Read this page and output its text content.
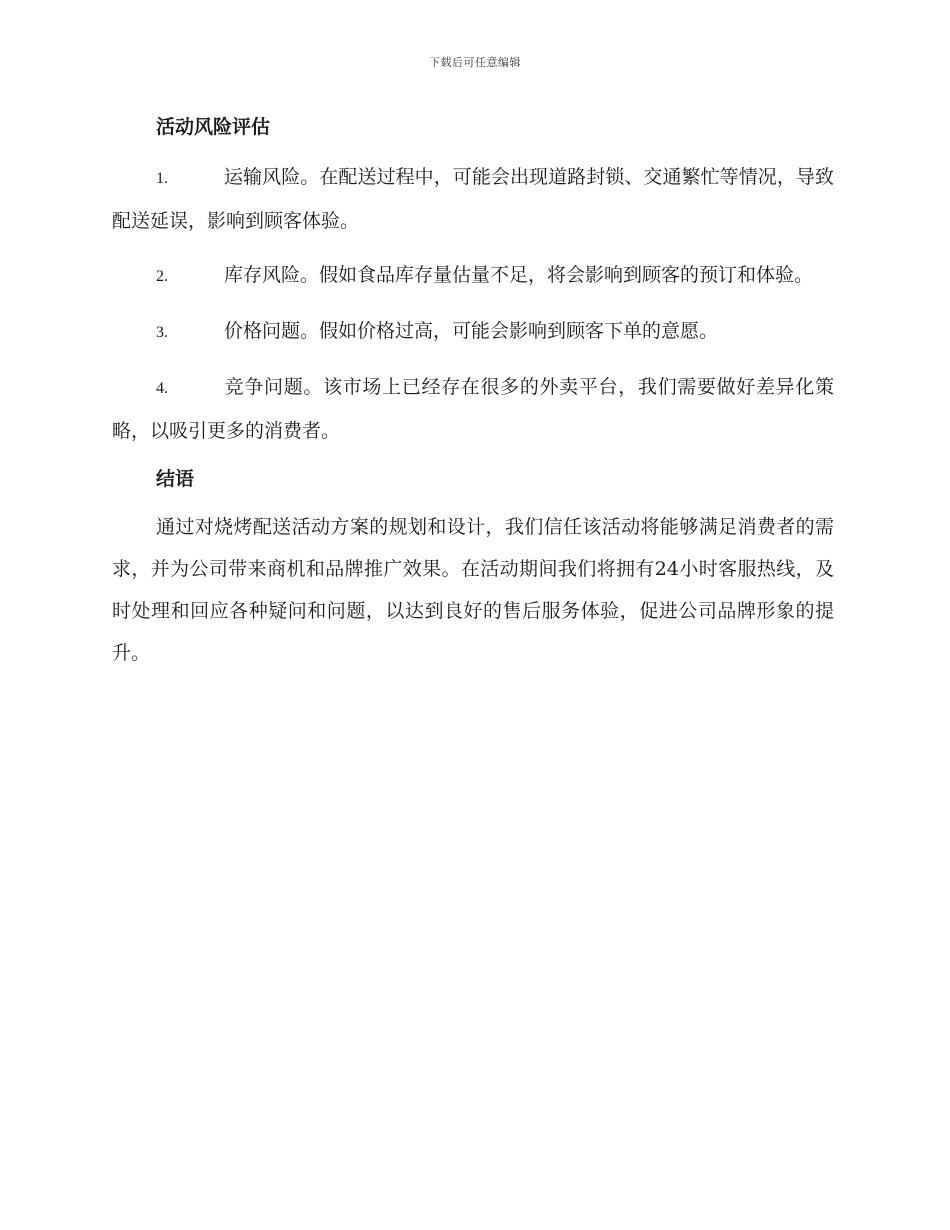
下载后可任意编辑
活动风险评估
1.	运输风险。在配送过程中，可能会出现道路封锁、交通繁忙等情况，导致配送延误，影响到顾客体验。
2.	库存风险。假如食品库存量估量不足，将会影响到顾客的预订和体验。
3.	价格问题。假如价格过高，可能会影响到顾客下单的意愿。
4.	竞争问题。该市场上已经存在很多的外卖平台，我们需要做好差异化策略，以吸引更多的消费者。
结语
通过对烧烤配送活动方案的规划和设计，我们信任该活动将能够满足消费者的需求，并为公司带来商机和品牌推广效果。在活动期间我们将拥有24小时客服热线，及时处理和回应各种疑问和问题，以达到良好的售后服务体验，促进公司品牌形象的提升。
